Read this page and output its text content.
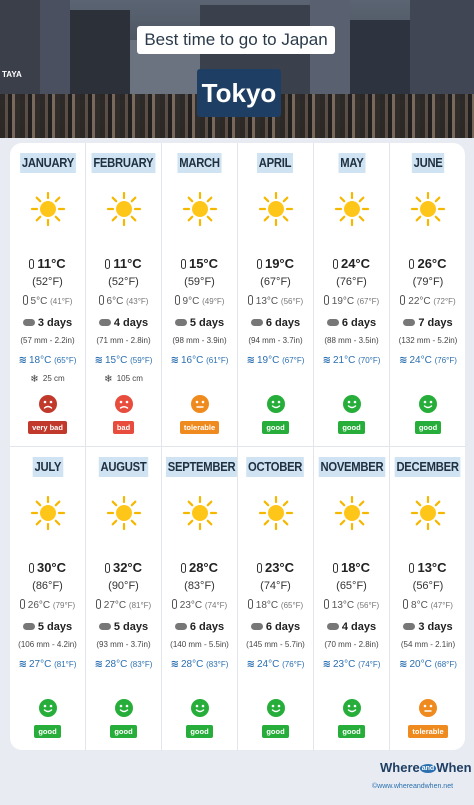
TAYA
Best time to go to Japan
Tokyo
JANUARY
11°C
(52°F)
5°C (41°F)
3 days
(57 mm - 2.2in)
≋ 18°C (65°F)
❄ 25 cm
very bad
FEBRUARY
11°C
(52°F)
6°C (43°F)
4 days
(71 mm - 2.8in)
≋ 15°C (59°F)
❄ 105 cm
bad
MARCH
15°C
(59°F)
9°C (49°F)
5 days
(98 mm - 3.9in)
≋ 16°C (61°F)
tolerable
APRIL
19°C
(67°F)
13°C (56°F)
6 days
(94 mm - 3.7in)
≋ 19°C (67°F)
good
MAY
24°C
(76°F)
19°C (67°F)
6 days
(88 mm - 3.5in)
≋ 21°C (70°F)
good
JUNE
26°C
(79°F)
22°C (72°F)
7 days
(132 mm - 5.2in)
≋ 24°C (76°F)
good
JULY
30°C
(86°F)
26°C (79°F)
5 days
(106 mm - 4.2in)
≋ 27°C (81°F)
good
AUGUST
32°C
(90°F)
27°C (81°F)
5 days
(93 mm - 3.7in)
≋ 28°C (83°F)
good
SEPTEMBER
28°C
(83°F)
23°C (74°F)
6 days
(140 mm - 5.5in)
≋ 28°C (83°F)
good
OCTOBER
23°C
(74°F)
18°C (65°F)
6 days
(145 mm - 5.7in)
≋ 24°C (76°F)
good
NOVEMBER
18°C
(65°F)
13°C (56°F)
4 days
(70 mm - 2.8in)
≋ 23°C (74°F)
good
DECEMBER
13°C
(56°F)
8°C (47°F)
3 days
(54 mm - 2.1in)
≋ 20°C (68°F)
tolerable
Where and When
©www.whereandwhen.net
